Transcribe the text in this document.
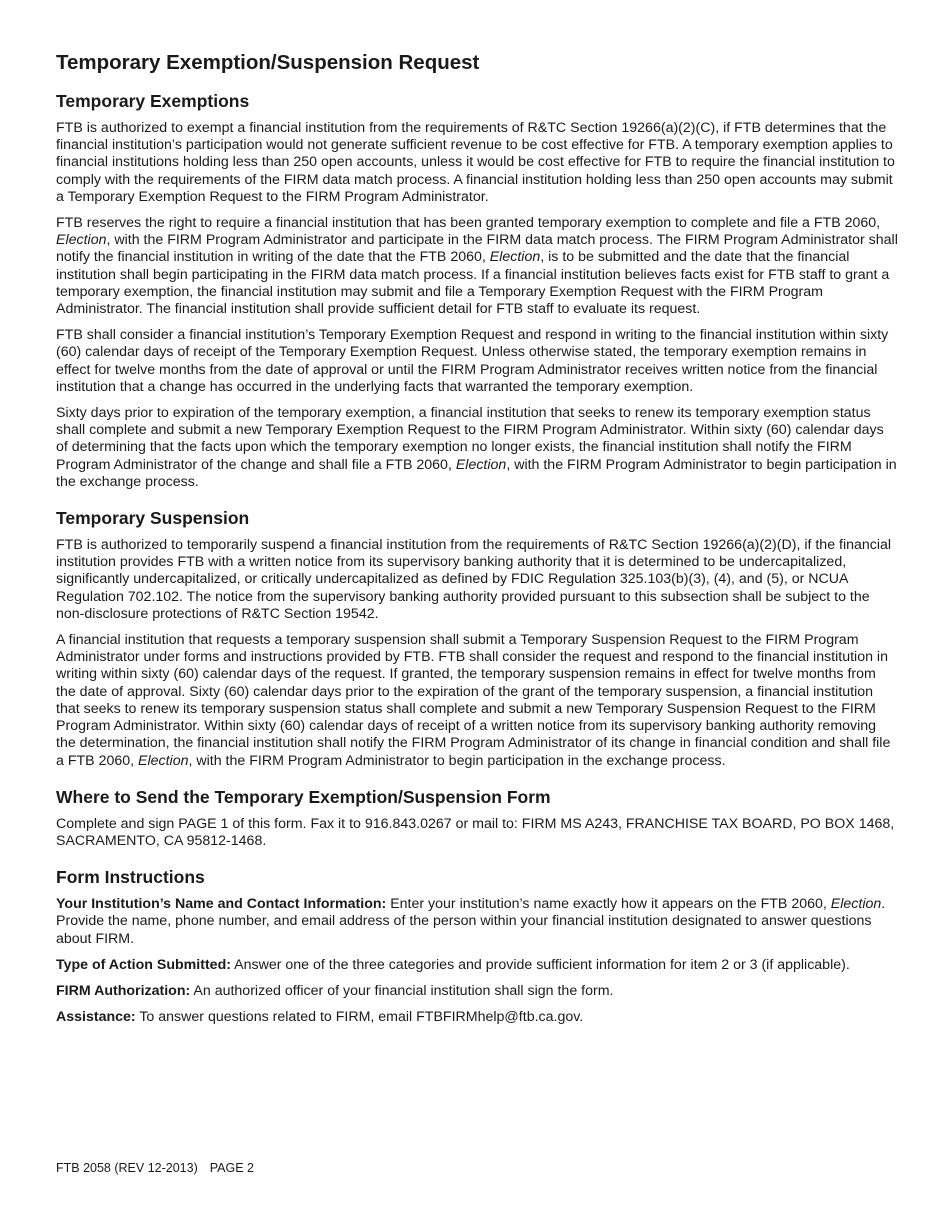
Temporary Exemption/Suspension Request
Temporary Exemptions

FTB is authorized to exempt a financial institution from the requirements of R&TC Section 19266(a)(2)(C), if FTB determines that the financial institution’s participation would not generate sufficient revenue to be cost effective for FTB. A temporary exemption applies to financial institutions holding less than 250 open accounts, unless it would be cost effective for FTB to require the financial institution to comply with the requirements of the FIRM data match process. A financial institution holding less than 250 open accounts may submit a Temporary Exemption Request to the FIRM Program Administrator.

FTB reserves the right to require a financial institution that has been granted temporary exemption to complete and file a FTB 2060, Election, with the FIRM Program Administrator and participate in the FIRM data match process. The FIRM Program Administrator shall notify the financial institution in writing of the date that the FTB 2060, Election, is to be submitted and the date that the financial institution shall begin participating in the FIRM data match process. If a financial institution believes facts exist for FTB staff to grant a temporary exemption, the financial institution may submit and file a Temporary Exemption Request with the FIRM Program Administrator. The financial institution shall provide sufficient detail for FTB staff to evaluate its request.

FTB shall consider a financial institution’s Temporary Exemption Request and respond in writing to the financial institution within sixty (60) calendar days of receipt of the Temporary Exemption Request. Unless otherwise stated, the temporary exemption remains in effect for twelve months from the date of approval or until the FIRM Program Administrator receives written notice from the financial institution that a change has occurred in the underlying facts that warranted the temporary exemption.

Sixty days prior to expiration of the temporary exemption, a financial institution that seeks to renew its temporary exemption status shall complete and submit a new Temporary Exemption Request to the FIRM Program Administrator. Within sixty (60) calendar days of determining that the facts upon which the temporary exemption no longer exists, the financial institution shall notify the FIRM Program Administrator of the change and shall file a FTB 2060, Election, with the FIRM Program Administrator to begin participation in the exchange process.

Temporary Suspension

FTB is authorized to temporarily suspend a financial institution from the requirements of R&TC Section 19266(a)(2)(D), if the financial institution provides FTB with a written notice from its supervisory banking authority that it is determined to be undercapitalized, significantly undercapitalized, or critically undercapitalized as defined by FDIC Regulation 325.103(b)(3), (4), and (5), or NCUA Regulation 702.102. The notice from the supervisory banking authority provided pursuant to this subsection shall be subject to the non-disclosure protections of R&TC Section 19542.

A financial institution that requests a temporary suspension shall submit a Temporary Suspension Request to the FIRM Program Administrator under forms and instructions provided by FTB. FTB shall consider the request and respond to the financial institution in writing within sixty (60) calendar days of the request. If granted, the temporary suspension remains in effect for twelve months from the date of approval. Sixty (60) calendar days prior to the expiration of the grant of the temporary suspension, a financial institution that seeks to renew its temporary suspension status shall complete and submit a new Temporary Suspension Request to the FIRM Program Administrator. Within sixty (60) calendar days of receipt of a written notice from its supervisory banking authority removing the determination, the financial institution shall notify the FIRM Program Administrator of its change in financial condition and shall file a FTB 2060, Election, with the FIRM Program Administrator to begin participation in the exchange process.

Where to Send the Temporary Exemption/Suspension Form

Complete and sign PAGE 1 of this form. Fax it to 916.843.0267 or mail to: FIRM MS A243, FRANCHISE TAX BOARD, PO BOX 1468, SACRAMENTO, CA 95812-1468.

Form Instructions

Your Institution’s Name and Contact Information: Enter your institution’s name exactly how it appears on the FTB 2060, Election. Provide the name, phone number, and email address of the person within your financial institution designated to answer questions about FIRM.

Type of Action Submitted: Answer one of the three categories and provide sufficient information for item 2 or 3 (if applicable).

FIRM Authorization: An authorized officer of your financial institution shall sign the form.

Assistance: To answer questions related to FIRM, email FTBFIRMhelp@ftb.ca.gov.

FTB 2058 (REV 12-2013) PAGE 2
